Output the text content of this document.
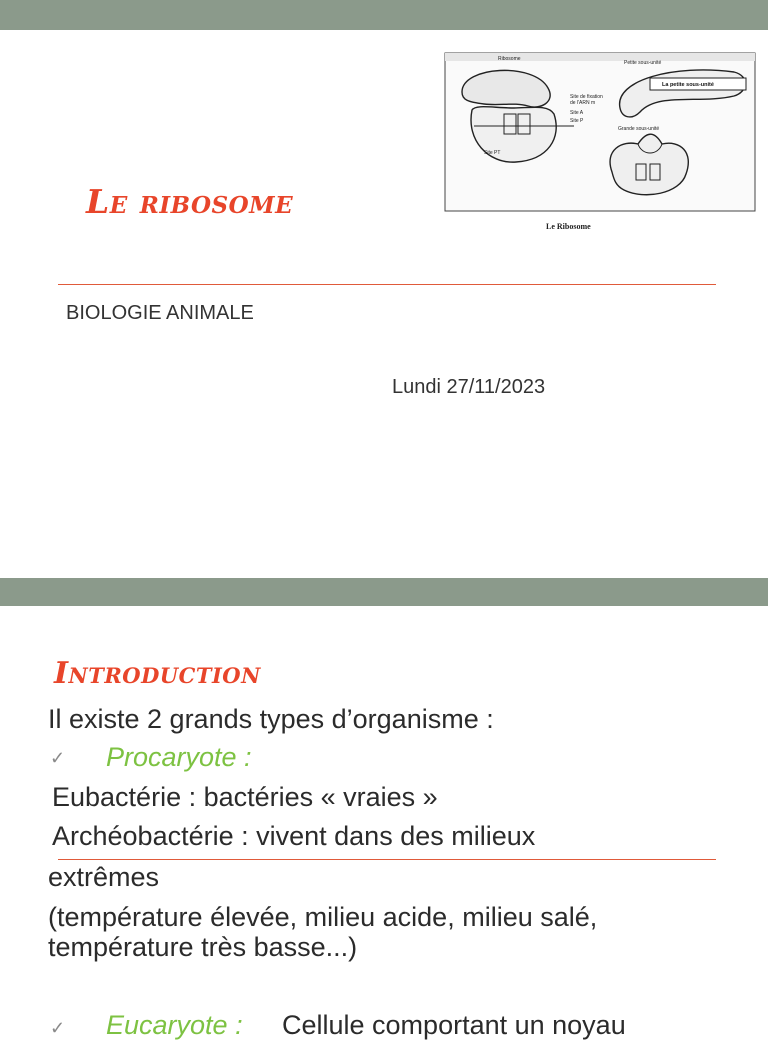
Le ribosome
Ribosome
Petite sous-unité
La petite sous-unité
Site de fixation
de l'ARN m
Site A
Site P
Grande sous-unité
Site PT
Le Ribosome
BIOLOGIE ANIMALE
Lundi 27/11/2023
Introduction
Il existe 2 grands types d’organisme :
✓ Procaryote :
Eubactérie : bactéries « vraies »
Archéobactérie : vivent dans des milieux
extrêmes
(température élevée, milieu acide, milieu salé,
température très basse...)
✓ Eucaryote : Cellule comportant un noyau
